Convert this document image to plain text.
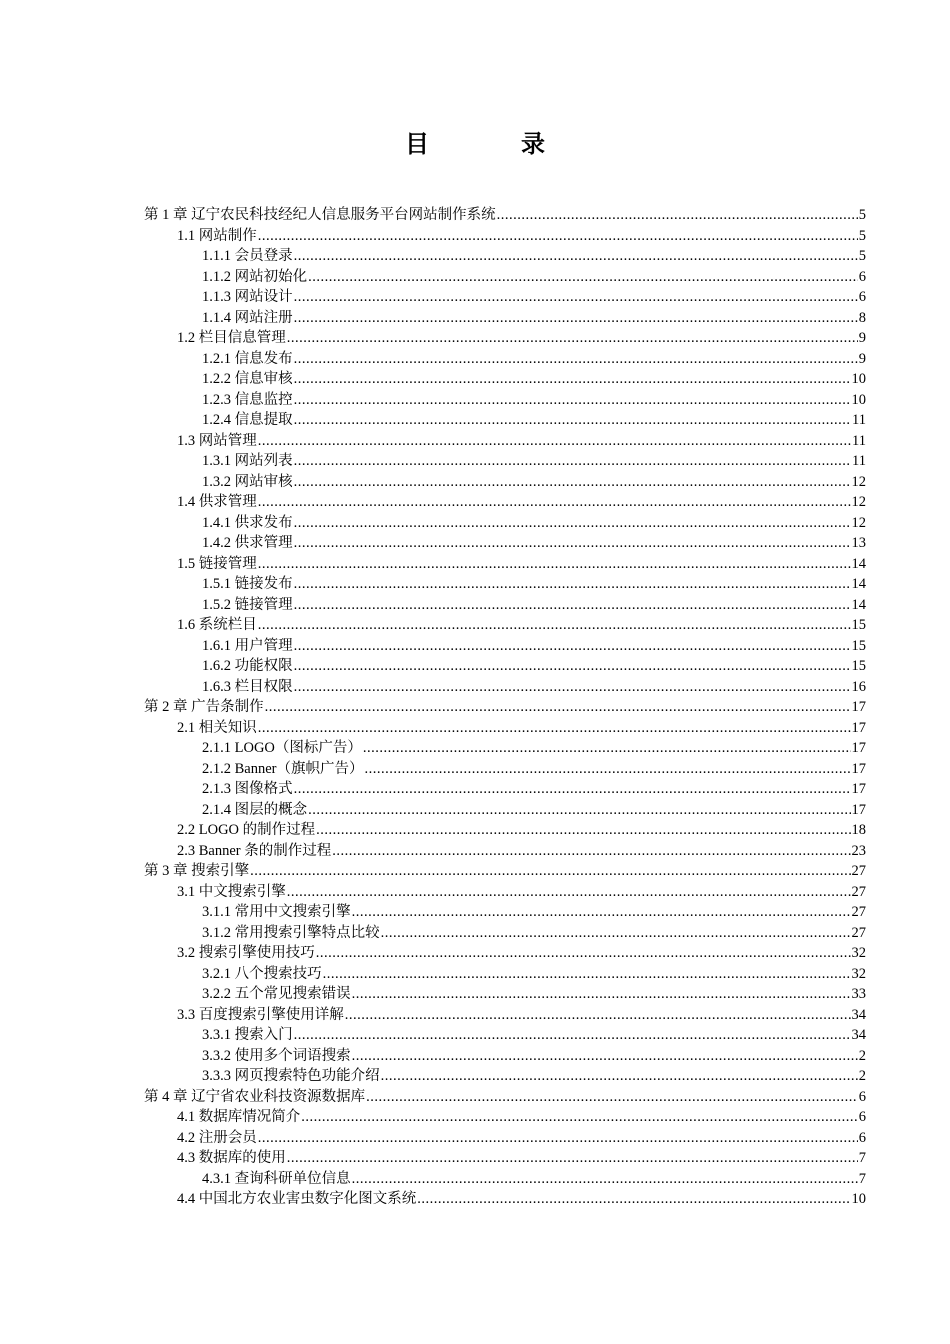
目　录
第 1 章 辽宁农民科技经纪人信息服务平台网站制作系统 .....	5
1.1 网站制作 .....	5
1.1.1 会员登录 .....	5
1.1.2 网站初始化 .....	6
1.1.3 网站设计 .....	6
1.1.4 网站注册 .....	8
1.2 栏目信息管理 .....	9
1.2.1 信息发布 .....	9
1.2.2 信息审核 .....	10
1.2.3 信息监控 .....	10
1.2.4 信息提取 .....	11
1.3 网站管理 .....	11
1.3.1 网站列表 .....	11
1.3.2 网站审核 .....	12
1.4 供求管理 .....	12
1.4.1 供求发布 .....	12
1.4.2 供求管理 .....	13
1.5 链接管理 .....	14
1.5.1 链接发布 .....	14
1.5.2 链接管理 .....	14
1.6 系统栏目 .....	15
1.6.1 用户管理 .....	15
1.6.2 功能权限 .....	15
1.6.3 栏目权限 .....	16
第 2 章 广告条制作 .....	17
2.1 相关知识 .....	17
2.1.1 LOGO（图标广告） .....	17
2.1.2 Banner（旗帜广告） .....	17
2.1.3 图像格式 .....	17
2.1.4 图层的概念 .....	17
2.2 LOGO 的制作过程 .....	18
2.3 Banner 条的制作过程 .....	23
第 3 章 搜索引擎 .....	27
3.1 中文搜索引擎 .....	27
3.1.1 常用中文搜索引擎 .....	27
3.1.2 常用搜索引擎特点比较 .....	27
3.2 搜索引擎使用技巧 .....	32
3.2.1 八个搜索技巧 .....	32
3.2.2 五个常见搜索错误 .....	33
3.3 百度搜索引擎使用详解 .....	34
3.3.1 搜索入门 .....	34
3.3.2 使用多个词语搜索 .....	2
3.3.3 网页搜索特色功能介绍 .....	2
第 4 章 辽宁省农业科技资源数据库 .....	6
4.1 数据库情况简介 .....	6
4.2 注册会员 .....	6
4.3 数据库的使用 .....	7
4.3.1 查询科研单位信息 .....	7
4.4 中国北方农业害虫数字化图文系统 .....	10
